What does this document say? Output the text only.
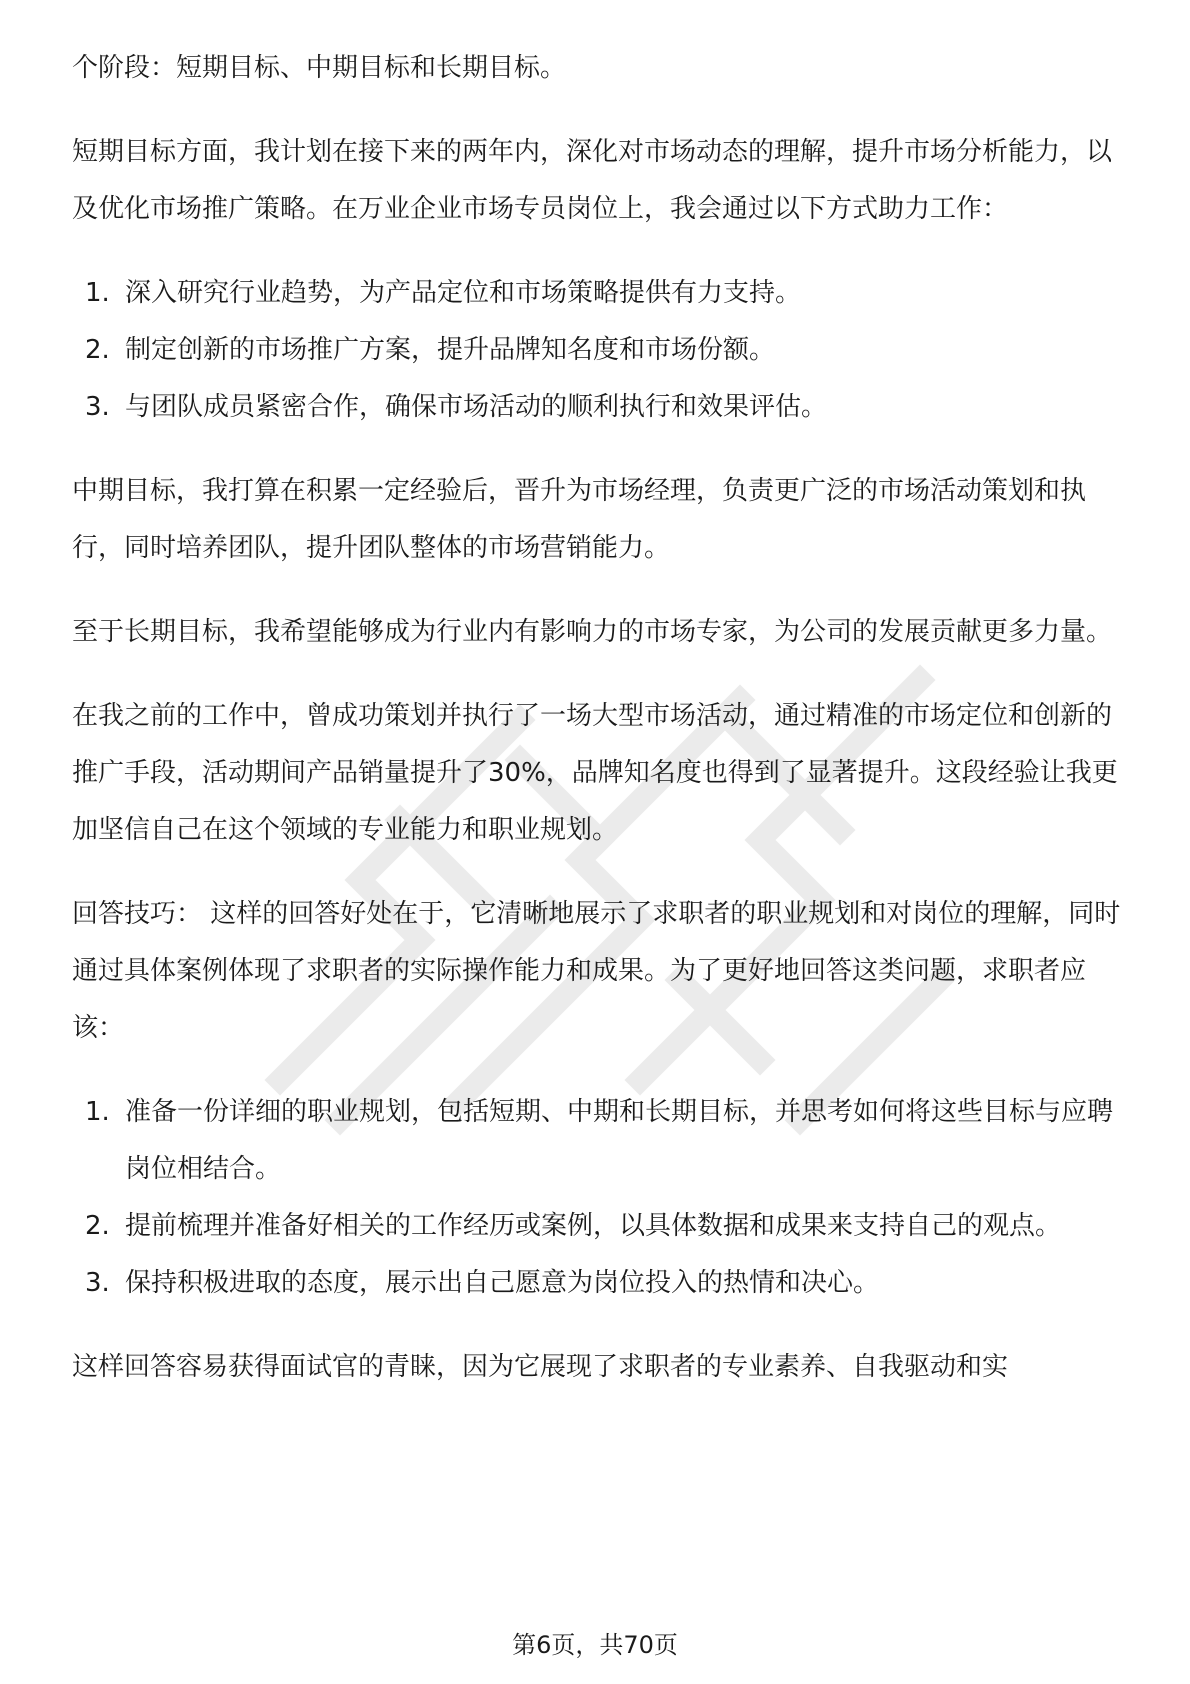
个阶段：短期目标、中期目标和长期目标。

短期目标方面，我计划在接下来的两年内，深化对市场动态的理解，提升市场分析能力，以及优化市场推广策略。在万业企业市场专员岗位上，我会通过以下方式助力工作：

1. 深入研究行业趋势，为产品定位和市场策略提供有力支持。
2. 制定创新的市场推广方案，提升品牌知名度和市场份额。
3. 与团队成员紧密合作，确保市场活动的顺利执行和效果评估。

中期目标，我打算在积累一定经验后，晋升为市场经理，负责更广泛的市场活动策划和执行，同时培养团队，提升团队整体的市场营销能力。

至于长期目标，我希望能够成为行业内有影响力的市场专家，为公司的发展贡献更多力量。

在我之前的工作中，曾成功策划并执行了一场大型市场活动，通过精准的市场定位和创新的推广手段，活动期间产品销量提升了30%，品牌知名度也得到了显著提升。这段经验让我更加坚信自己在这个领域的专业能力和职业规划。

回答技巧： 这样的回答好处在于，它清晰地展示了求职者的职业规划和对岗位的理解，同时通过具体案例体现了求职者的实际操作能力和成果。为了更好地回答这类问题，求职者应该：

1. 准备一份详细的职业规划，包括短期、中期和长期目标，并思考如何将这些目标与应聘岗位相结合。
2. 提前梳理并准备好相关的工作经历或案例，以具体数据和成果来支持自己的观点。
3. 保持积极进取的态度，展示出自己愿意为岗位投入的热情和决心。

这样回答容易获得面试官的青睐，因为它展现了求职者的专业素养、自我驱动和实

第6页，共70页
